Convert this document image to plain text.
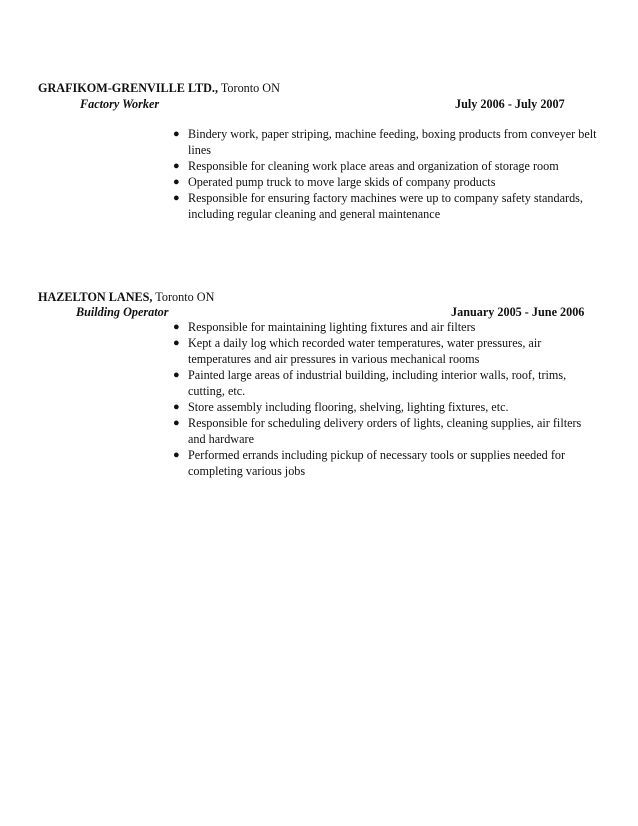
GRAFIKOM-GRENVILLE LTD., Toronto ON
Factory Worker	July 2006 - July 2007
● Bindery work, paper striping, machine feeding, boxing products from conveyer belt lines
● Responsible for cleaning work place areas and organization of storage room
● Operated pump truck to move large skids of company products
● Responsible for ensuring factory machines were up to company safety standards, including regular cleaning and general maintenance
HAZELTON LANES, Toronto ON
Building Operator	January 2005 - June 2006
● Responsible for maintaining lighting fixtures and air filters
● Kept a daily log which recorded water temperatures, water pressures, air temperatures and air pressures in various mechanical rooms
● Painted large areas of industrial building, including interior walls, roof, trims, cutting, etc.
● Store assembly including flooring, shelving, lighting fixtures, etc.
● Responsible for scheduling delivery orders of lights, cleaning supplies, air filters and hardware
● Performed errands including pickup of necessary tools or supplies needed for completing various jobs
